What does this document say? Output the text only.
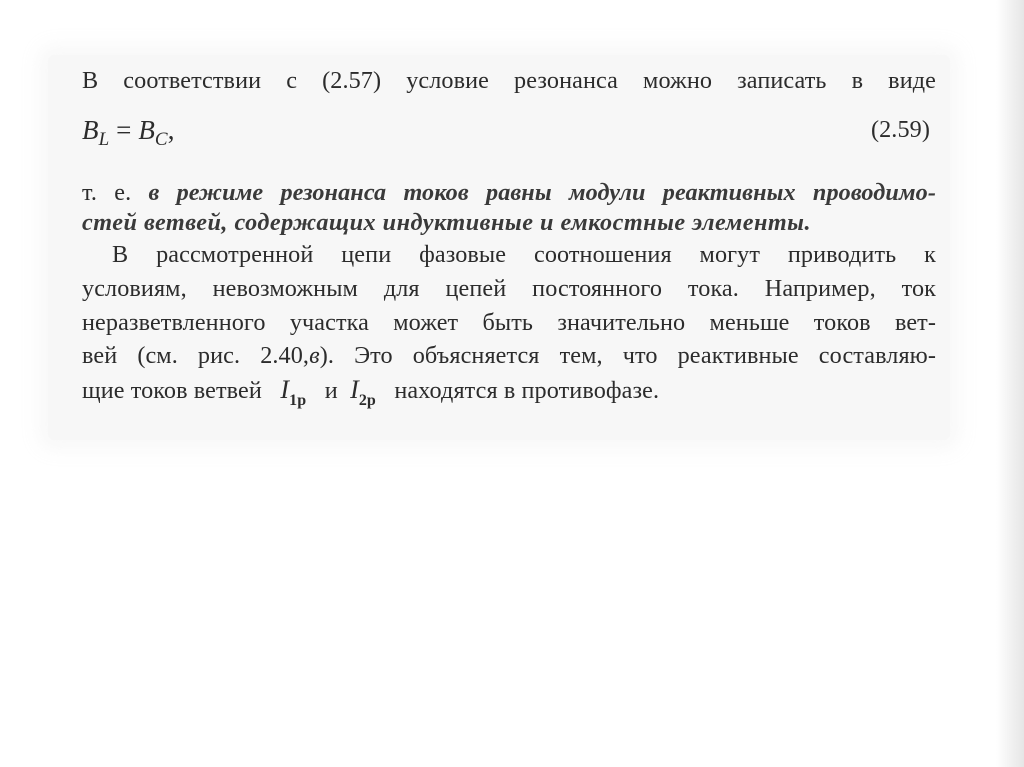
В соответствии с (2.57) условие резонанса можно записать в виде
$B_L = B_C$,	(2.59)
т. е. в режиме резонанса токов равны модули реактивных проводимо-
стей ветвей, содержащих индуктивные и емкостные элементы.
В рассмотренной цепи фазовые соотношения могут приводить к
условиям, невозможным для цепей постоянного тока. Например, ток
неразветвленного участка может быть значительно меньше токов вет-
вей (см. рис. 2.40,в). Это объясняется тем, что реактивные составляю-
щие токов ветвей $I_{1р}$ и $I_{2р}$ находятся в противофазе.
